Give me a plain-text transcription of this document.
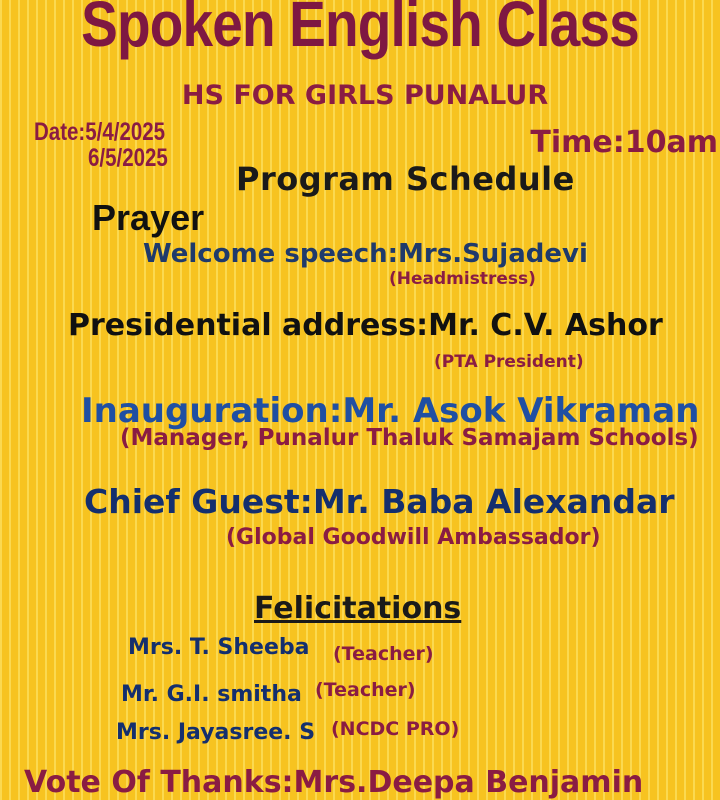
Spoken English Class
HS FOR GIRLS PUNALUR
Date:5/4/2025
6/5/2025	Time:10am
Program Schedule
Prayer
Welcome speech:Mrs.Sujadevi
(Headmistress)
Presidential address:Mr. C.V. Ashor
(PTA President)
Inauguration:Mr. Asok Vikraman
(Manager, Punalur Thaluk Samajam Schools)
Chief Guest:Mr. Baba Alexandar
(Global Goodwill Ambassador)
Felicitations
Mrs. T. Sheeba (Teacher)
Mr. G.I. smitha (Teacher)
Mrs. Jayasree. S (NCDC PRO)
Vote Of Thanks:Mrs.Deepa Benjamin
